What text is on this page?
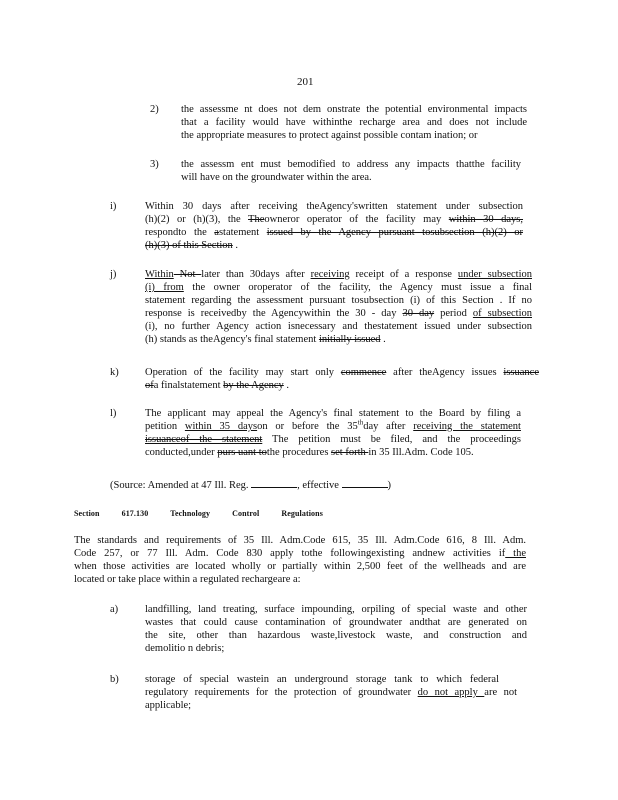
201
2) the assessme nt does not dem onstrate the potential environmental impacts
that a facility would have withinthe recharge area and does not include
the appropriate measures to protect against possible contam ination; or
3) the assessm ent must bemodified to address any impacts thatthe facility
will have on the groundwater within the area.
i)	Within 30 days after receiving theAgency'swritten statement under subsection
(h)(2) or (h)(3), the Theowneror operator of the facility may within 30 days,
respondto the astatement issued by the Agency pursuant tosubsection (h)(2) or
(h)(3) of this Section .
j)	Within Not later than 30days after receiving receipt of a response under subsection
(i) from the owner oroperator of the facility, the Agency must issue a final
statement regarding the assessment pursuant tosubsection (i) of this Section . If no
response is receivedby the Agencywithin the 30 - day 30 day period of subsection
(i), no further Agency action isnecessary and thestatement issued under subsection
(h) stands as theAgency's final statement initially issued .
k)	Operation of the facility may start only commence after theAgency issues issuance
ofa finalstatement by the Agency .
l)	The applicant may appeal the Agency's final statement to the Board by filing a
petition within 35 dayson or before the 35thday after receiving the statement
issuanceof the statement The petition must be filed, and the proceedings
conducted,under purs uant tothe procedures set forth in 35 Ill.Adm. Code 105.
(Source: Amended at 47 Ill. Reg.	, effective	)
Section	617.130	Technology	Control	Regulations
The standards and requirements of 35 Ill. Adm.Code 615, 35 Ill. Adm.Code 616, 8 Ill. Adm.
Code 257, or 77 Ill. Adm. Code 830 apply tothe followingexisting andnew activities if the
when those activities are located wholly or partially within 2,500 feet of the wellheads and are
located or take place within a regulated rechargeare a:
a)	landfilling, land treating, surface impounding, orpiling of special waste and other
wastes that could cause contamination of groundwater andthat are generated on
the site, other than hazardous waste,livestock waste, and construction and
demolitio n debris;
b)	storage of special wastein an underground storage tank to which federal
regulatory requirements for the protection of groundwater do not apply are not
applicable;
